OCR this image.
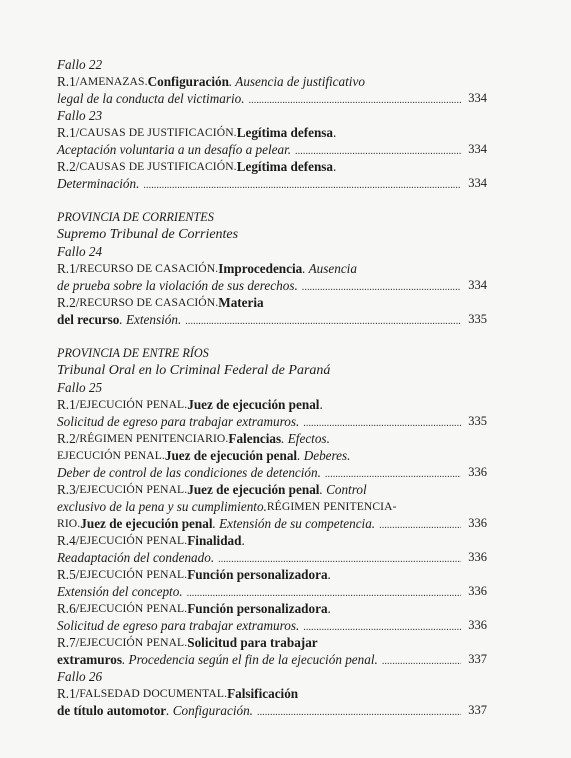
Fallo 22
R.1/ AMENAZAS. Configuración . Ausencia de justificativo
legal de la conducta del victimario. . . .	334
Fallo 23
R.1/ CAUSAS DE JUSTIFICACIÓN. Legítima defensa .
Aceptación voluntaria a un desafío a pelear. . . .	334
R.2/ CAUSAS DE JUSTIFICACIÓN. Legítima defensa .
Determinación. . . .	334
PROVINCIA DE CORRIENTES
Supremo Tribunal de Corrientes
Fallo 24
R.1/ RECURSO DE CASACIÓN. Improcedencia . Ausencia
de prueba sobre la violación de sus derechos. . . .	334
R.2/ RECURSO DE CASACIÓN. Materia
del recurso . Extensión. . . .	335
PROVINCIA DE ENTRE RÍOS
Tribunal Oral en lo Criminal Federal de Paraná
Fallo 25
R.1/ EJECUCIÓN PENAL. Juez de ejecución penal .
Solicitud de egreso para trabajar extramuros. . . .	335
R.2/ RÉGIMEN PENITENCIARIO. Falencias . Efectos.
EJECUCIÓN PENAL. Juez de ejecución penal . Deberes.
Deber de control de las condiciones de detención. . . .	336
R.3/ EJECUCIÓN PENAL. Juez de ejecución penal . Control
exclusivo de la pena y su cumplimiento. RÉGIMEN PENITENCIA-
RIO. Juez de ejecución penal . Extensión de su competencia. . . .	336
R.4/ EJECUCIÓN PENAL. Finalidad .
Readaptación del condenado. . . .	336
R.5/ EJECUCIÓN PENAL. Función personalizadora .
Extensión del concepto. . . .	336
R.6/ EJECUCIÓN PENAL. Función personalizadora .
Solicitud de egreso para trabajar extramuros. . . .	336
R.7/ EJECUCIÓN PENAL. Solicitud para trabajar
extramuros . Procedencia según el fin de la ejecución penal. . . .	337
Fallo 26
R.1/ FALSEDAD DOCUMENTAL. Falsificación
de título automotor . Configuración. . . .	337
